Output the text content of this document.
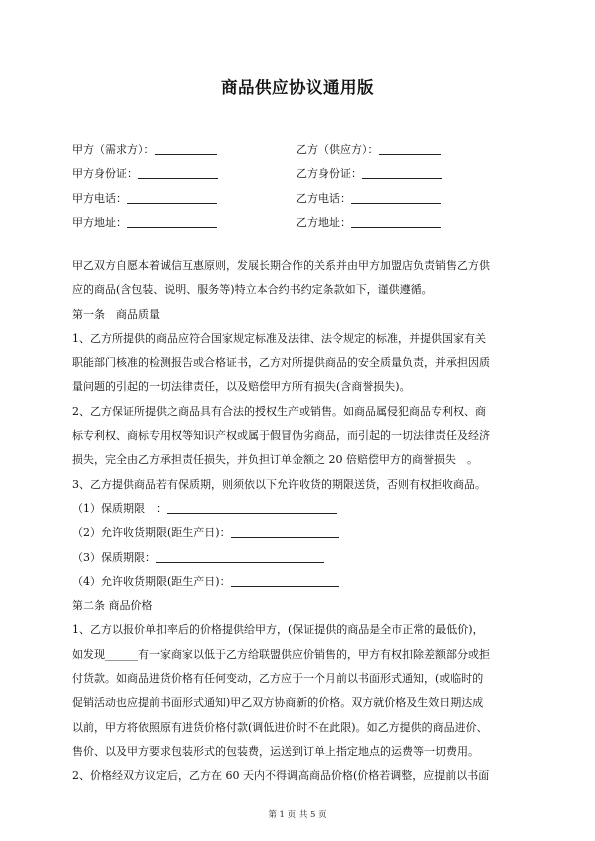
商品供应协议通用版
甲方（需求方）：	乙方（供应方）：
甲方身份证：	乙方身份证：
甲方电话：	乙方电话：
甲方地址：	乙方地址：
甲乙双方自愿本着诚信互惠原则，发展长期合作的关系并由甲方加盟店负责销售乙方供
应的商品(含包装、说明、服务等)特立本合约书约定条款如下，谨供遵循。
第一条　商品质量
1、乙方所提供的商品应符合国家规定标准及法律、法令规定的标准，并提供国家有关
职能部门核准的检测报告或合格证书，乙方对所提供商品的安全质量负责，并承担因质
量问题的引起的一切法律责任，以及赔偿甲方所有损失(含商誉损失)。
2、乙方保证所提供之商品具有合法的授权生产或销售。如商品属侵犯商品专利权、商
标专利权、商标专用权等知识产权或属于假冒伪劣商品，而引起的一切法律责任及经济
损失，完全由乙方承担责任损失，并负担订单金额之 20 倍赔偿甲方的商誉损失　。
3、乙方提供商品若有保质期，则须依以下允许收货的期限送货，否则有权拒收商品。
（1）保质期限　：
（2）允许收货期限(距生产日)：
（3）保质期限：
（4）允许收货期限(距生产日)：
第二条 商品价格
1、乙方以报价单扣率后的价格提供给甲方，(保证提供的商品是全市正常的最低价)，
如发现______有一家商家以低于乙方给联盟供应价销售的，甲方有权扣除差额部分或拒
付货款。如商品进货价格有任何变动，乙方应于一个月前以书面形式通知，(或临时的
促销活动也应提前书面形式通知)甲乙双方协商新的价格。双方就价格及生效日期达成
以前，甲方将依照原有进货价格付款(调低进价时不在此限)。如乙方提供的商品进价、
售价、以及甲方要求包装形式的包装费，运送到订单上指定地点的运费等一切费用。
2、价格经双方议定后，乙方在 60 天内不得调高商品价格(价格若调整，应提前以书面
第 1 页 共 5 页
